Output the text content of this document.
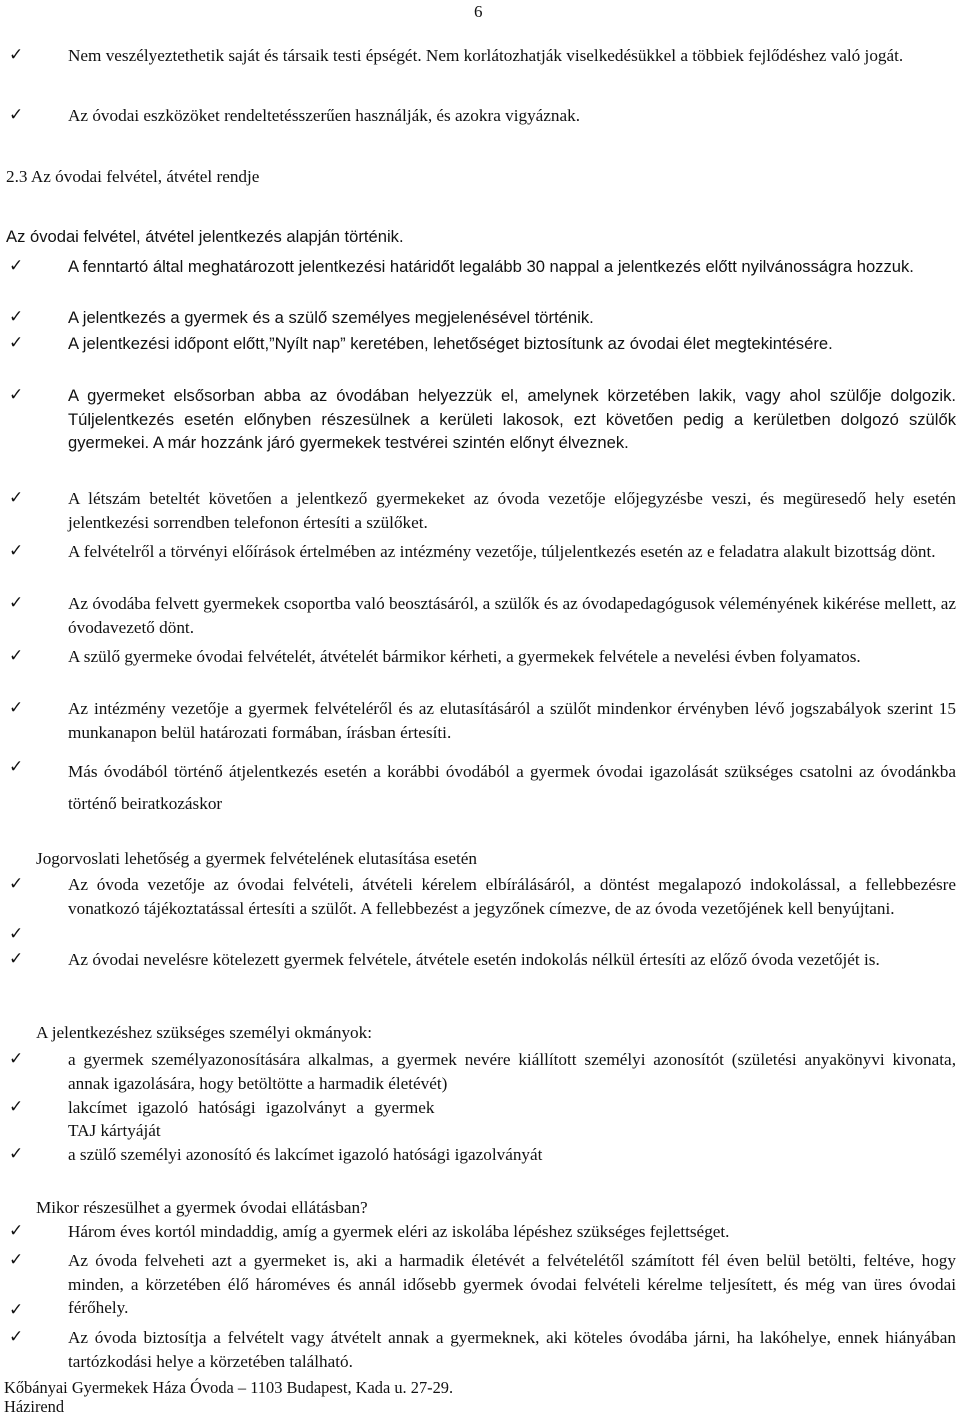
6
✓	Nem veszélyeztethetik saját és társaik testi épségét. Nem korlátozhatják viselkedésükkel a többiek fejlődéshez való jogát.
✓	Az óvodai eszközöket rendeltetésszerűen használják, és azokra vigyáznak.
2.3 Az óvodai felvétel, átvétel rendje
Az óvodai felvétel, átvétel jelentkezés alapján történik.
✓	A fenntartó által meghatározott jelentkezési határidőt legalább 30 nappal a jelentkezés előtt nyilvánosságra hozzuk.
✓	A jelentkezés a gyermek és a szülő személyes megjelenésével történik.
✓	A jelentkezési időpont előtt,”Nyílt nap” keretében, lehetőséget biztosítunk az óvodai élet megtekintésére.
✓	A gyermeket elsősorban abba az óvodában helyezzük el, amelynek körzetében lakik, vagy ahol szülője dolgozik. Túljelentkezés esetén előnyben részesülnek a kerületi lakosok, ezt követően pedig a kerületben dolgozó szülők gyermekei. A már hozzánk járó gyermekek testvérei szintén előnyt élveznek.
✓	A létszám beteltét követően a jelentkező gyermekeket az óvoda vezetője előjegyzésbe veszi, és megüresedő hely esetén jelentkezési sorrendben telefonon értesíti a szülőket.
✓	A felvételről a törvényi előírások értelmében az intézmény vezetője, túljelentkezés esetén az e feladatra alakult bizottság dönt.
✓	Az óvodába felvett gyermekek csoportba való beosztásáról, a szülők és az óvodapedagógusok véleményének kikérése mellett, az óvodavezető dönt.
✓	A szülő gyermeke óvodai felvételét, átvételét bármikor kérheti, a gyermekek felvétele a nevelési évben folyamatos.
✓	Az intézmény vezetője a gyermek felvételéről és az elutasításáról a szülőt mindenkor érvényben lévő jogszabályok szerint 15 munkanapon belül határozati formában, írásban értesíti.
✓	Más óvodából történő átjelentkezés esetén a korábbi óvodából a gyermek óvodai igazolását szükséges csatolni az óvodánkba történő beiratkozáskor
Jogorvoslati lehetőség a gyermek felvételének elutasítása esetén
✓
✓
Az óvoda vezetője az óvodai felvételi, átvételi kérelem elbírálásáról, a döntést megalapozó indokolással, a fellebbezésre vonatkozó tájékoztatással értesíti a szülőt. A fellebbezést a jegyzőnek címezve, de az óvoda vezetőjének kell benyújtani.
✓	Az óvodai nevelésre kötelezett gyermek felvétele, átvétele esetén indokolás nélkül értesíti az előző óvoda vezetőjét is.
A jelentkezéshez szükséges személyi okmányok:
✓	a gyermek személyazonosítására alkalmas, a gyermek nevére kiállított személyi azonosítót (születési anyakönyvi kivonata, annak igazolására, hogy betöltötte a harmadik életévét)
✓	lakcímet igazoló hatósági igazolványt a gyermek
TAJ kártyáját
✓	a szülő személyi azonosító és lakcímet igazoló hatósági igazolványát
Mikor részesülhet a gyermek óvodai ellátásban?
✓	Három éves kortól mindaddig, amíg a gyermek eléri az iskolába lépéshez szükséges fejlettséget.
✓
✓
Az óvoda felveheti azt a gyermeket is, aki a harmadik életévét a felvételétől számított fél éven belül betölti, feltéve, hogy minden, a körzetében élő hároméves és annál idősebb gyermek óvodai felvételi kérelme teljesített, és még van üres óvodai férőhely.
✓	Az óvoda biztosítja a felvételt vagy átvételt annak a gyermeknek, aki köteles óvodába járni, ha lakóhelye, ennek hiányában tartózkodási helye a körzetében található.
Kőbányai Gyermekek Háza Óvoda – 1103 Budapest, Kada u. 27-29.
Házirend
